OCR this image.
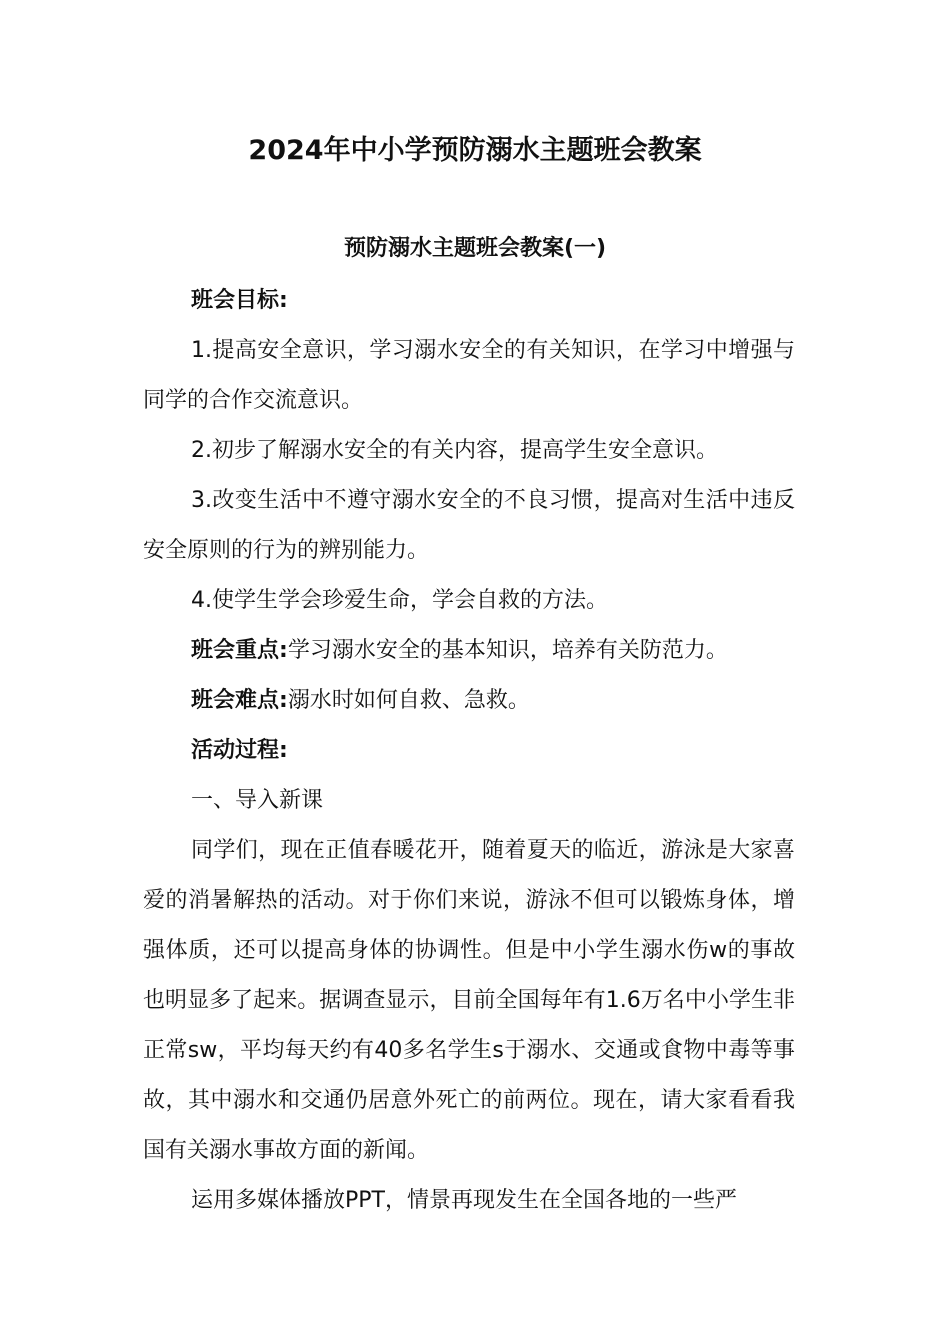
2024年中小学预防溺水主题班会教案
预防溺水主题班会教案(一)

班会目标:

1.提高安全意识，学习溺水安全的有关知识，在学习中增强与同学的合作交流意识。

2.初步了解溺水安全的有关内容，提高学生安全意识。

3.改变生活中不遵守溺水安全的不良习惯，提高对生活中违反安全原则的行为的辨别能力。

4.使学生学会珍爱生命，学会自救的方法。

班会重点:学习溺水安全的基本知识，培养有关防范力。

班会难点:溺水时如何自救、急救。

活动过程:

一、导入新课

同学们，现在正值春暖花开，随着夏天的临近，游泳是大家喜爱的消暑解热的活动。对于你们来说，游泳不但可以锻炼身体，增强体质，还可以提高身体的协调性。但是中小学生溺水伤w的事故也明显多了起来。据调查显示，目前全国每年有1.6万名中小学生非正常sw，平均每天约有40多名学生s于溺水、交通或食物中毒等事故，其中溺水和交通仍居意外死亡的前两位。现在，请大家看看我国有关溺水事故方面的新闻。

运用多媒体播放PPT，情景再现发生在全国各地的一些严
